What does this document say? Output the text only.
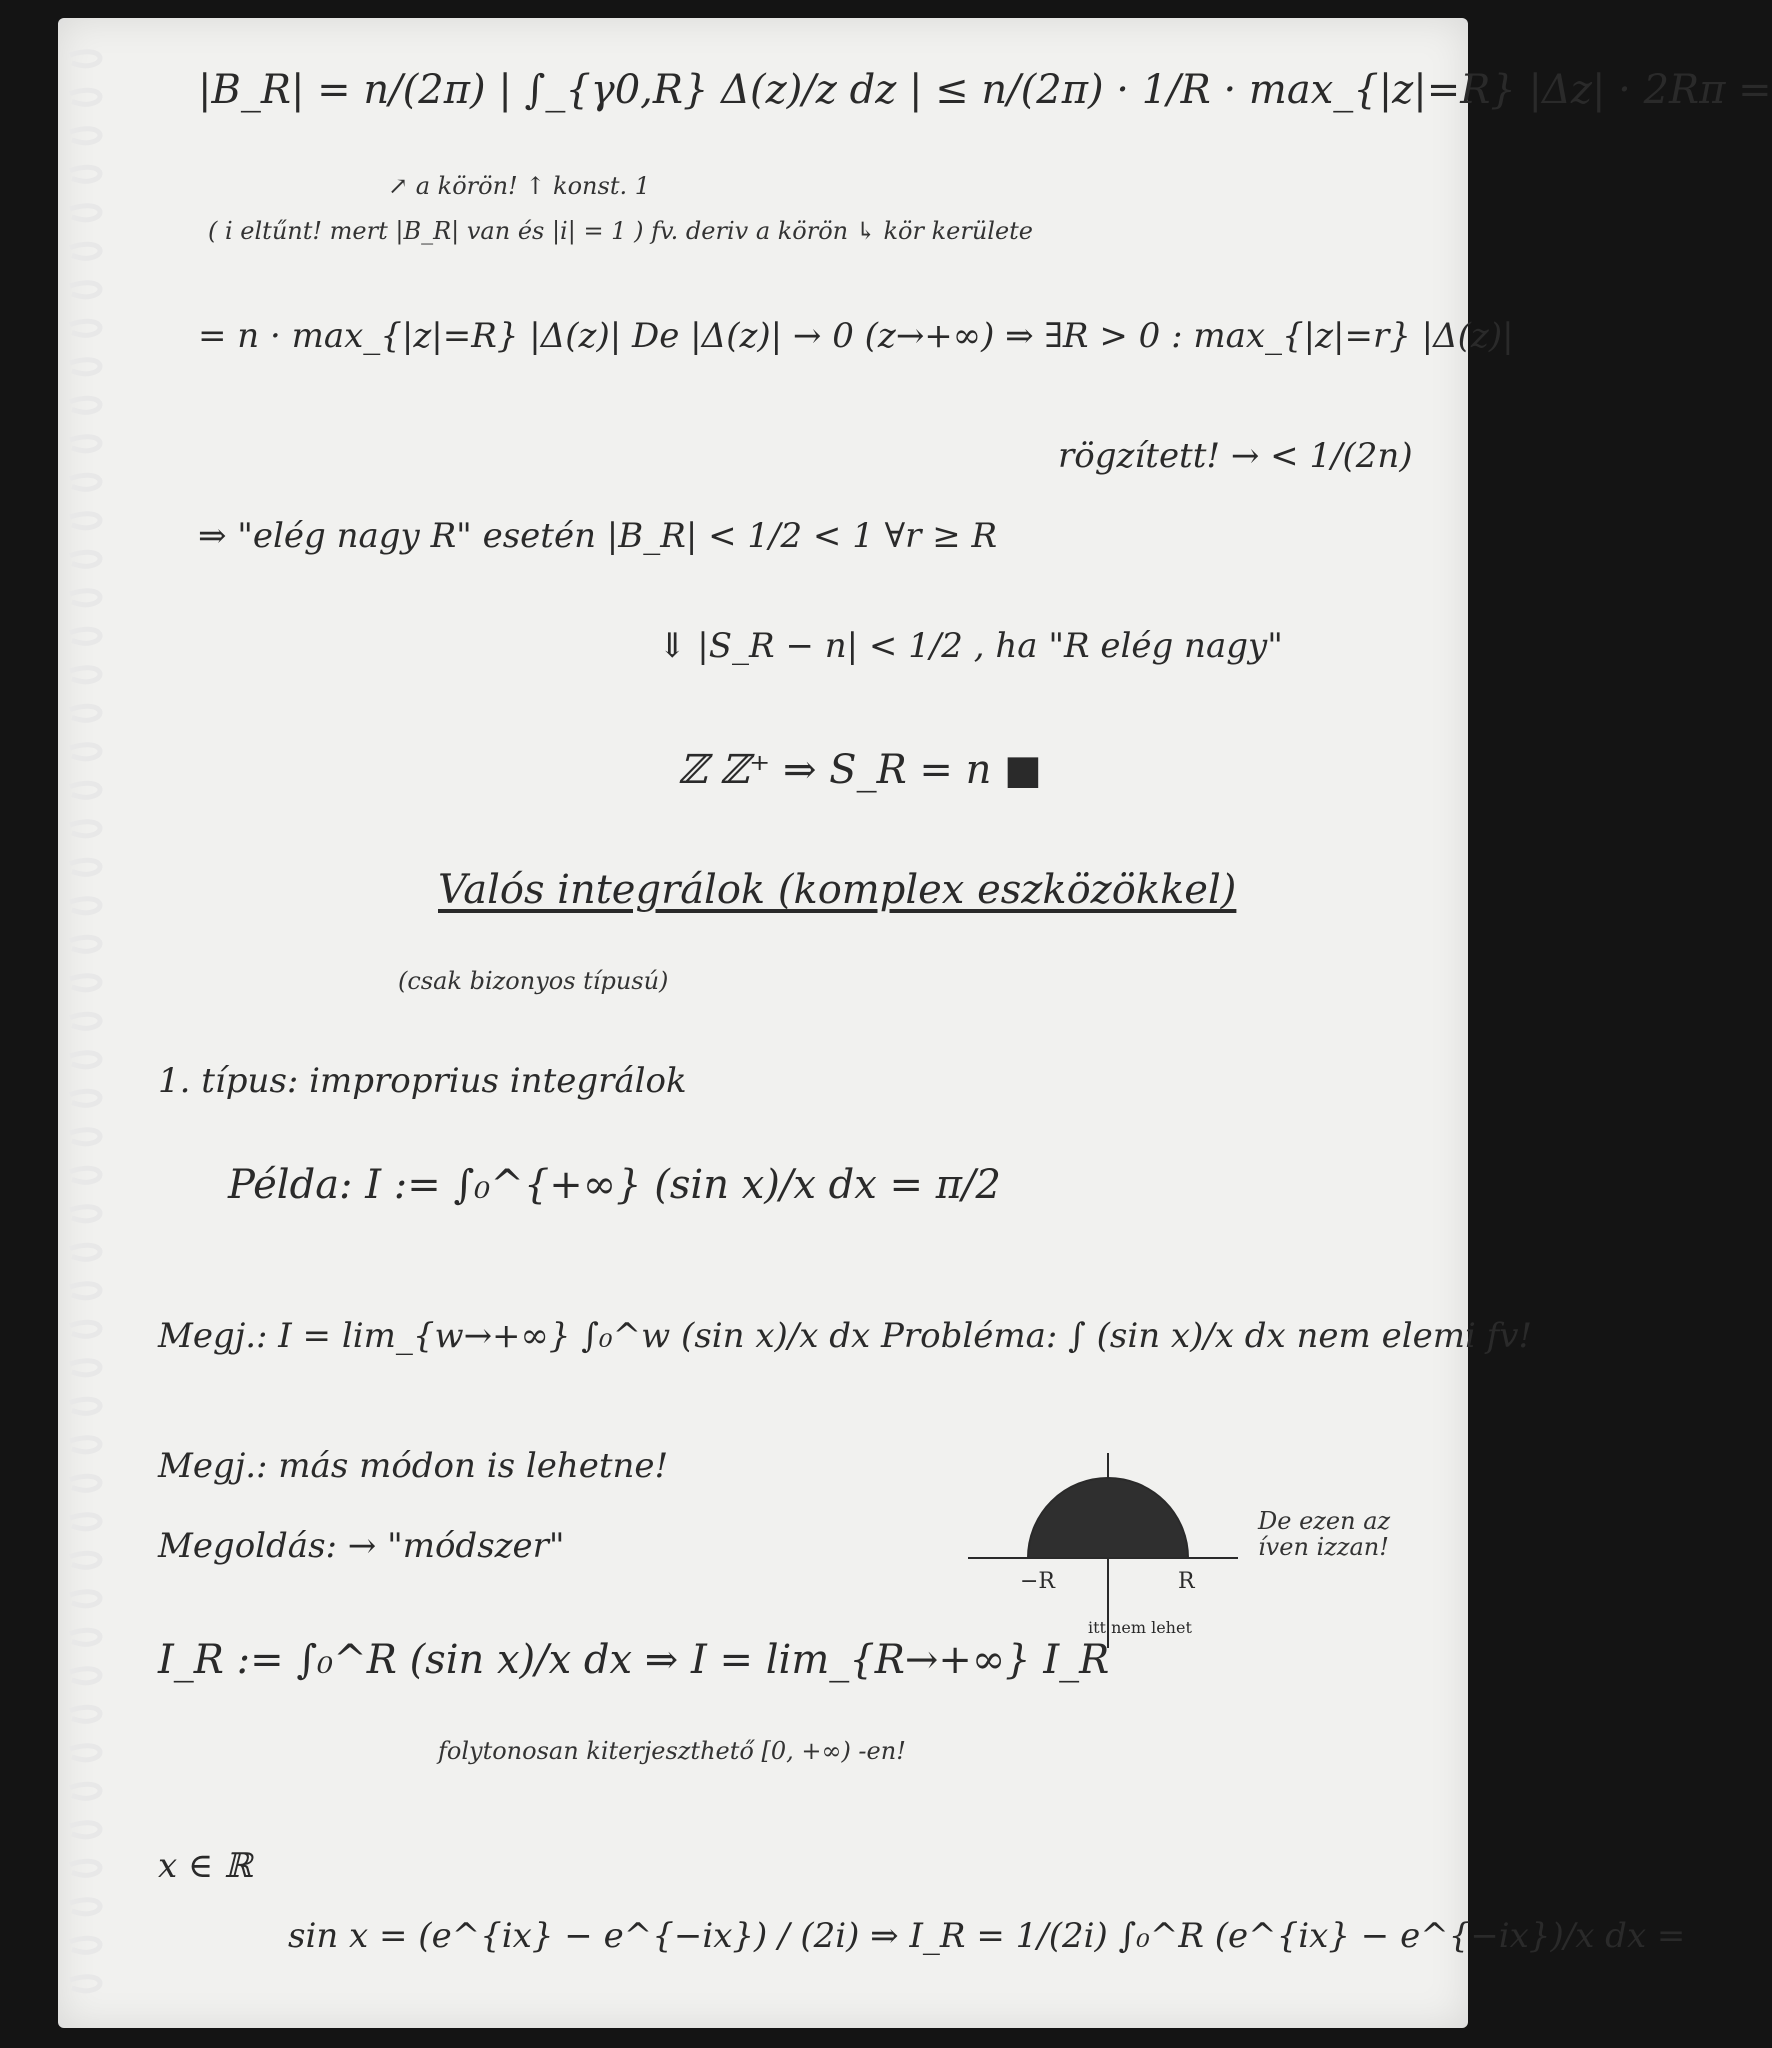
|B_R| = n/(2π) | ∫_{γ0,R} Δ(z)/z dz | ≤ n/(2π) · 1/R · max_{|z|=R} |Δz| · 2Rπ =
↗ a körön! ↑ konst. 1
( i eltűnt! mert |B_R| van és |i| = 1 ) fv. deriv a körön ↳ kör kerülete
= n · max_{|z|=R} |Δ(z)| De |Δ(z)| → 0 (z→+∞) ⇒ ∃R > 0 : max_{|z|=r} |Δ(z)|
rögzített! → < 1/(2n)
⇒ "elég nagy R" esetén |B_R| < 1/2 < 1 ∀r ≥ R
⇓ |S_R − n| < 1/2 , ha "R elég nagy"
ℤ ℤ⁺ ⇒ S_R = n ■
Valós integrálok (komplex eszközökkel)
(csak bizonyos típusú)
1. típus: improprius integrálok
Példa: I := ∫₀^{+∞} (sin x)/x dx = π/2
Megj.: I = lim_{w→+∞} ∫₀^w (sin x)/x dx Probléma: ∫ (sin x)/x dx nem elemi fv!
Megj.: más módon is lehetne!
Megoldás: → "módszer"
I_R := ∫₀^R (sin x)/x dx ⇒ I = lim_{R→+∞} I_R
folytonosan kiterjeszthető [0, +∞) -en!
x ∈ ℝ
sin x = (e^{ix} − e^{−ix}) / (2i) ⇒ I_R = 1/(2i) ∫₀^R (e^{ix} − e^{−ix})/x dx =
−R	R
itt nem lehet
De ezen az íven izzan!
